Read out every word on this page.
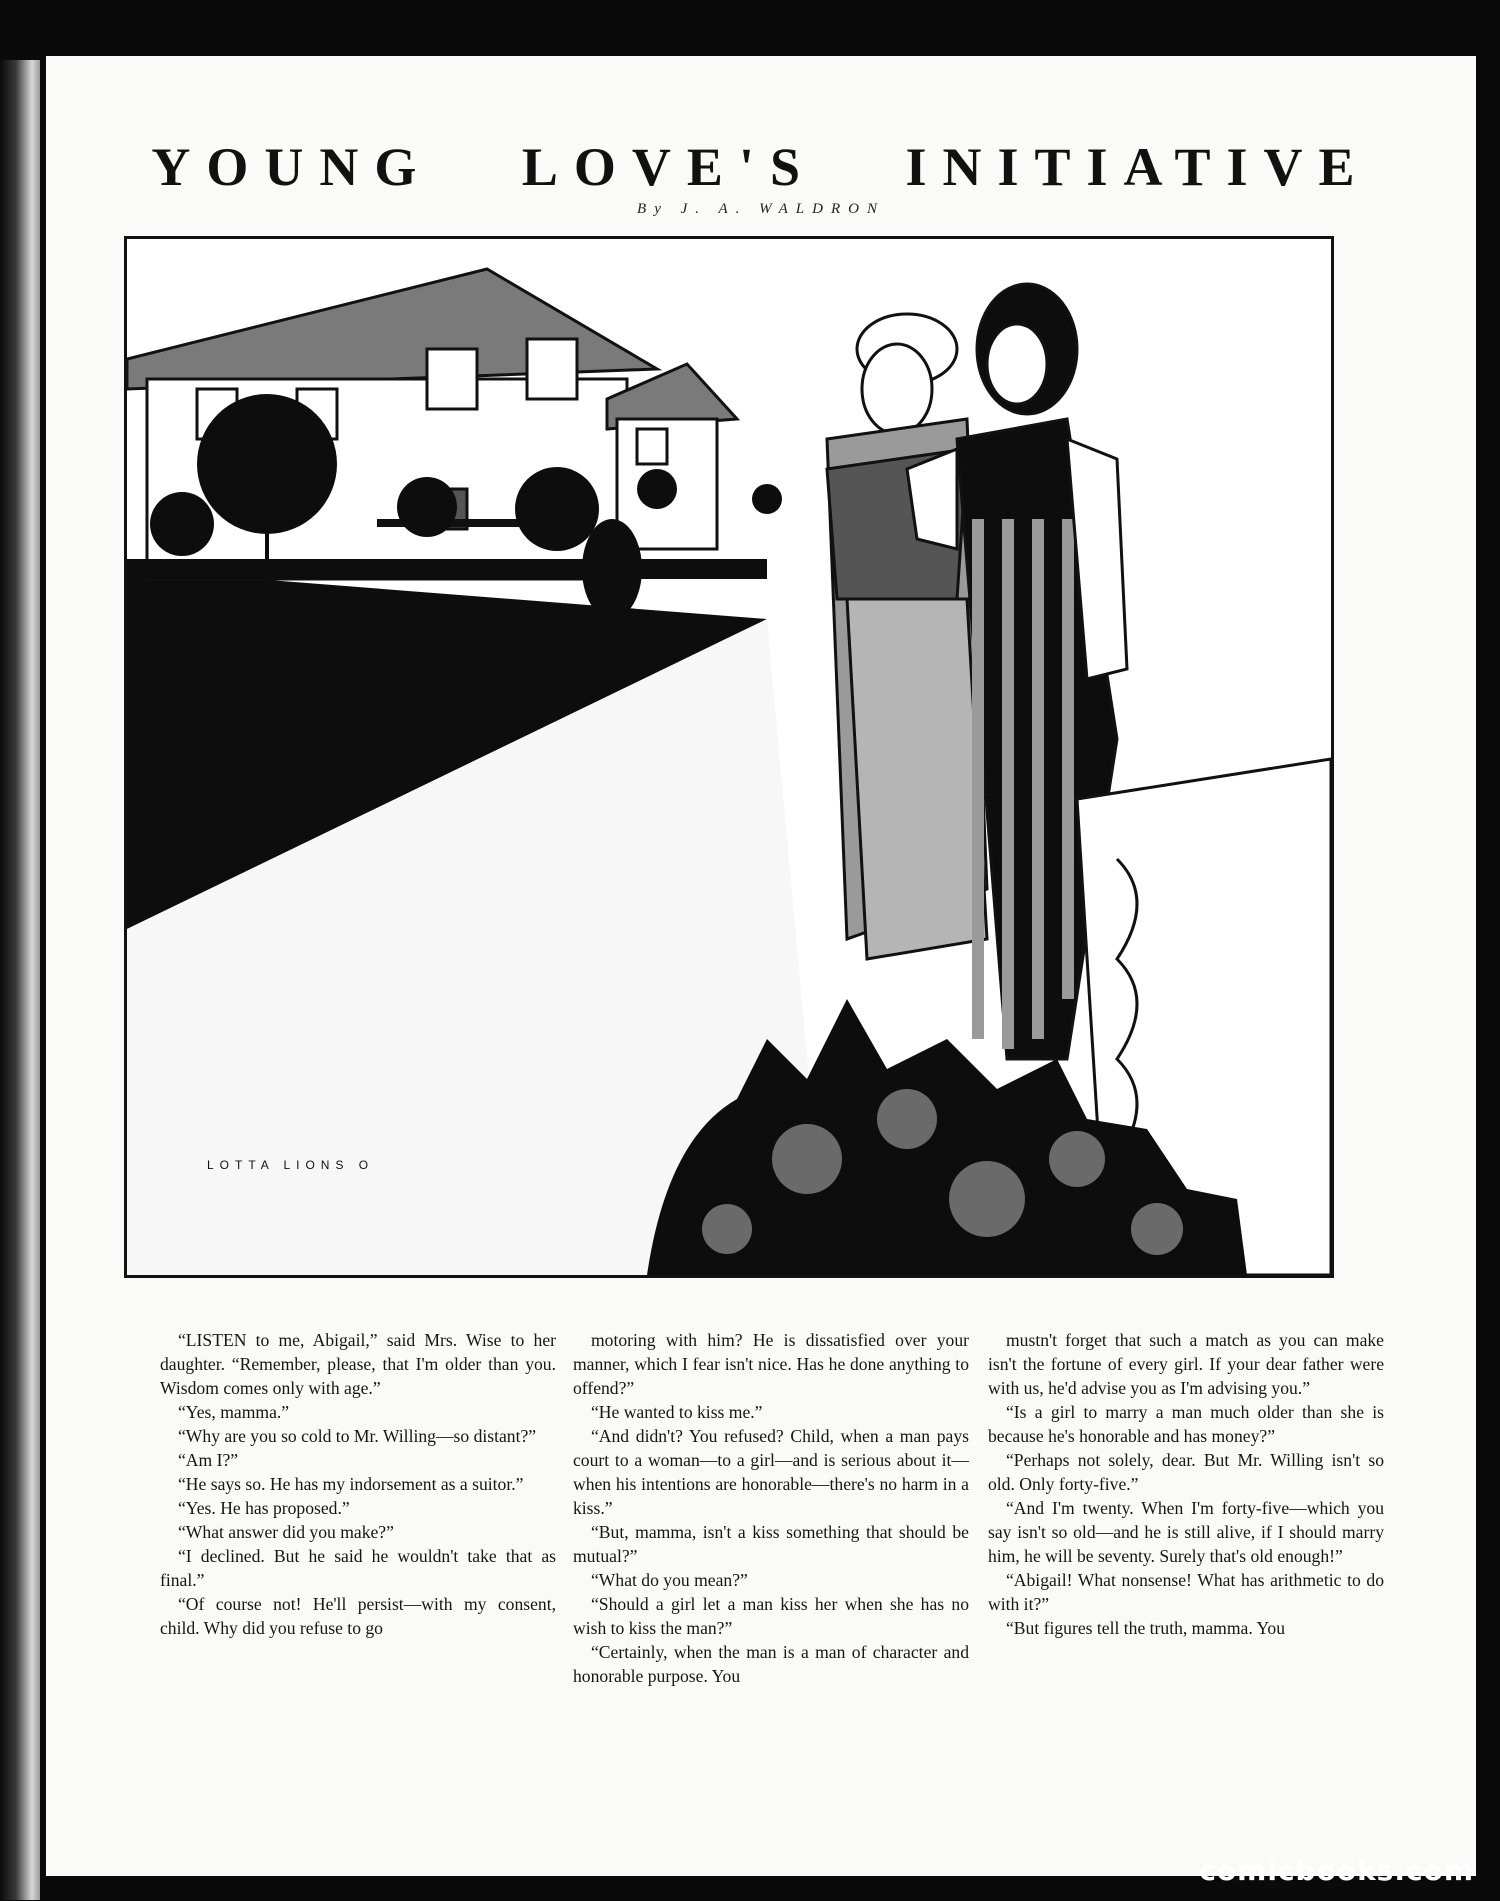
YOUNG LOVE'S INITIATIVE
By J. A. WALDRON
LOTTA LIONS O

“LISTEN to me, Abigail,” said Mrs. Wise to her daughter. “Remember, please, that I'm older than you. Wisdom comes only with age.”

“Yes, mamma.”

“Why are you so cold to Mr. Willing—so distant?”

“Am I?”

“He says so. He has my indorsement as a suitor.”

“Yes. He has proposed.”

“What answer did you make?”

“I declined. But he said he wouldn't take that as final.”

“Of course not! He'll persist—with my consent, child. Why did you refuse to go

motoring with him? He is dissatisfied over your manner, which I fear isn't nice. Has he done anything to offend?”

“He wanted to kiss me.”

“And didn't? You refused? Child, when a man pays court to a woman—to a girl—and is serious about it—when his intentions are honorable—there's no harm in a kiss.”

“But, mamma, isn't a kiss something that should be mutual?”

“What do you mean?”

“Should a girl let a man kiss her when she has no wish to kiss the man?”

“Certainly, when the man is a man of character and honorable purpose. You

mustn't forget that such a match as you can make isn't the fortune of every girl. If your dear father were with us, he'd advise you as I'm advising you.”

“Is a girl to marry a man much older than she is because he's honorable and has money?”

“Perhaps not solely, dear. But Mr. Willing isn't so old. Only forty-five.”

“And I'm twenty. When I'm forty-five—which you say isn't so old—and he is still alive, if I should marry him, he will be seventy. Surely that's old enough!”

“Abigail! What nonsense! What has arithmetic to do with it?”

“But figures tell the truth, mamma. You

comicbooks.com
